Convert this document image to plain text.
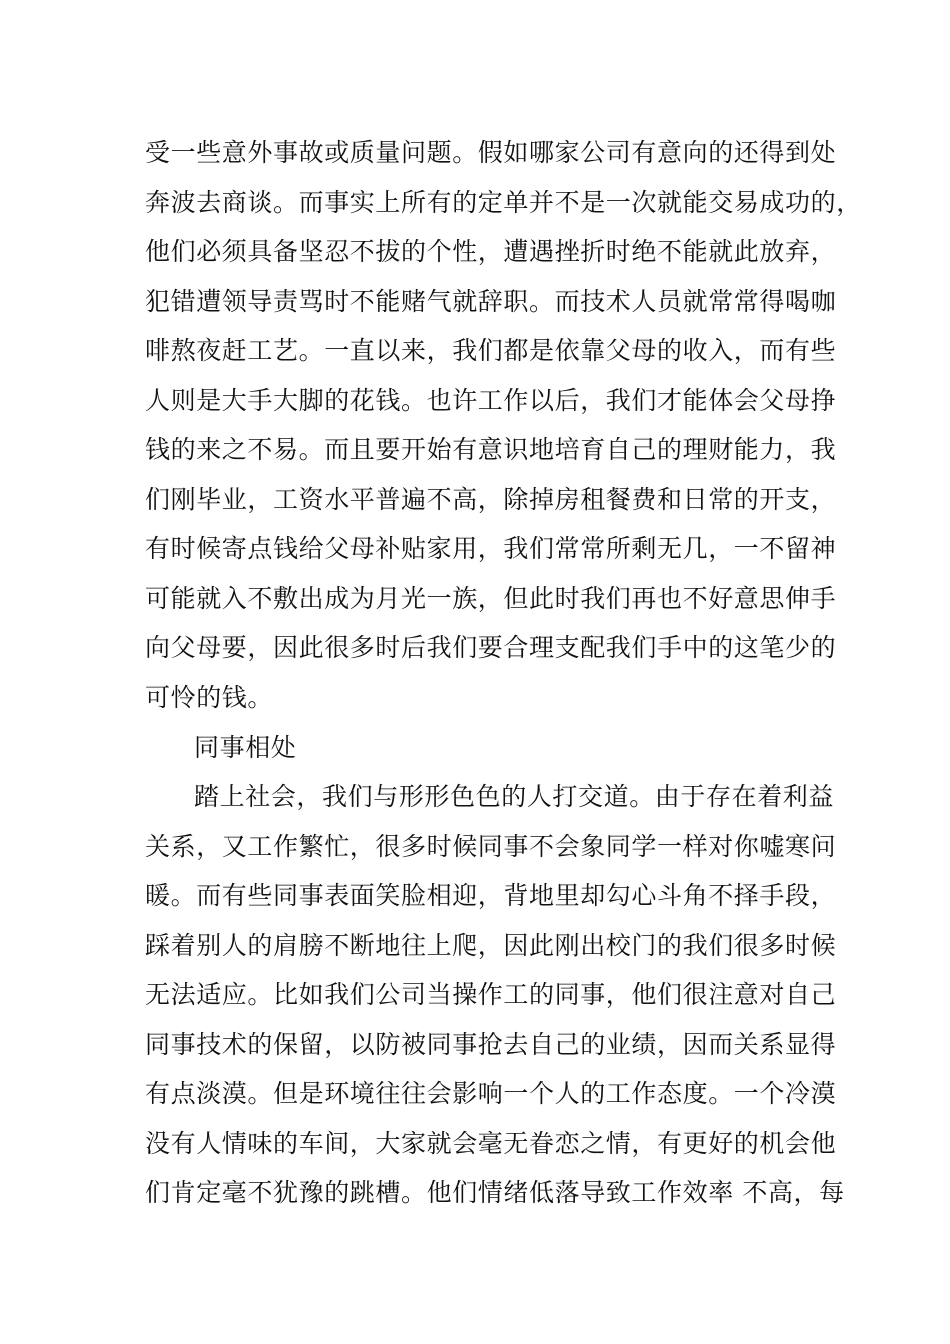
受一些意外事故或质量问题。假如哪家公司有意向的还得到处
奔波去商谈。而事实上所有的定单并不是一次就能交易成功的，
他们必须具备坚忍不拔的个性，遭遇挫折时绝不能就此放弃，
犯错遭领导责骂时不能赌气就辞职。而技术人员就常常得喝咖
啡熬夜赶工艺。一直以来，我们都是依靠父母的收入，而有些
人则是大手大脚的花钱。也许工作以后，我们才能体会父母挣
钱的来之不易。而且要开始有意识地培育自己的理财能力，我
们刚毕业，工资水平普遍不高，除掉房租餐费和日常的开支，
有时候寄点钱给父母补贴家用，我们常常所剩无几，一不留神
可能就入不敷出成为月光一族，但此时我们再也不好意思伸手
向父母要，因此很多时后我们要合理支配我们手中的这笔少的
可怜的钱。
同事相处
踏上社会，我们与形形色色的人打交道。由于存在着利益
关系，又工作繁忙，很多时候同事不会象同学一样对你嘘寒问
暖。而有些同事表面笑脸相迎，背地里却勾心斗角不择手段，
踩着别人的肩膀不断地往上爬，因此刚出校门的我们很多时候
无法适应。比如我们公司当操作工的同事，他们很注意对自己
同事技术的保留，以防被同事抢去自己的业绩，因而关系显得
有点淡漠。但是环境往往会影响一个人的工作态度。一个冷漠
没有人情味的车间，大家就会毫无眷恋之情，有更好的机会他
们肯定毫不犹豫的跳槽。他们情绪低落导致工作效率 不高，每
